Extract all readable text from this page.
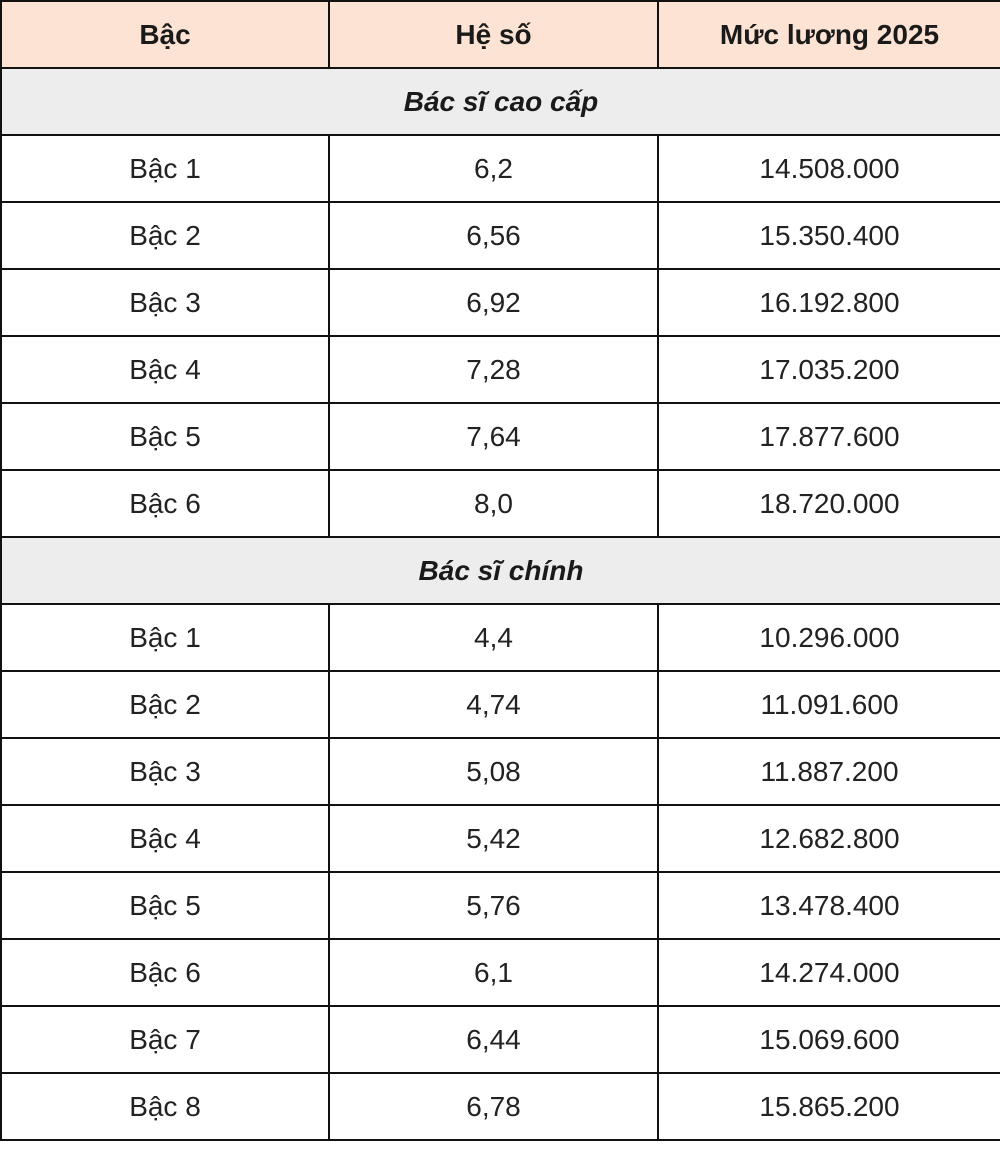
Bậc	Hệ số	Mức lương 2025
Bác sĩ cao cấp		
Bậc 1	6,2	14.508.000
Bậc 2	6,56	15.350.400
Bậc 3	6,92	16.192.800
Bậc 4	7,28	17.035.200
Bậc 5	7,64	17.877.600
Bậc 6	8,0	18.720.000
Bác sĩ chính		
Bậc 1	4,4	10.296.000
Bậc 2	4,74	11.091.600
Bậc 3	5,08	11.887.200
Bậc 4	5,42	12.682.800
Bậc 5	5,76	13.478.400
Bậc 6	6,1	14.274.000
Bậc 7	6,44	15.069.600
Bậc 8	6,78	15.865.200
